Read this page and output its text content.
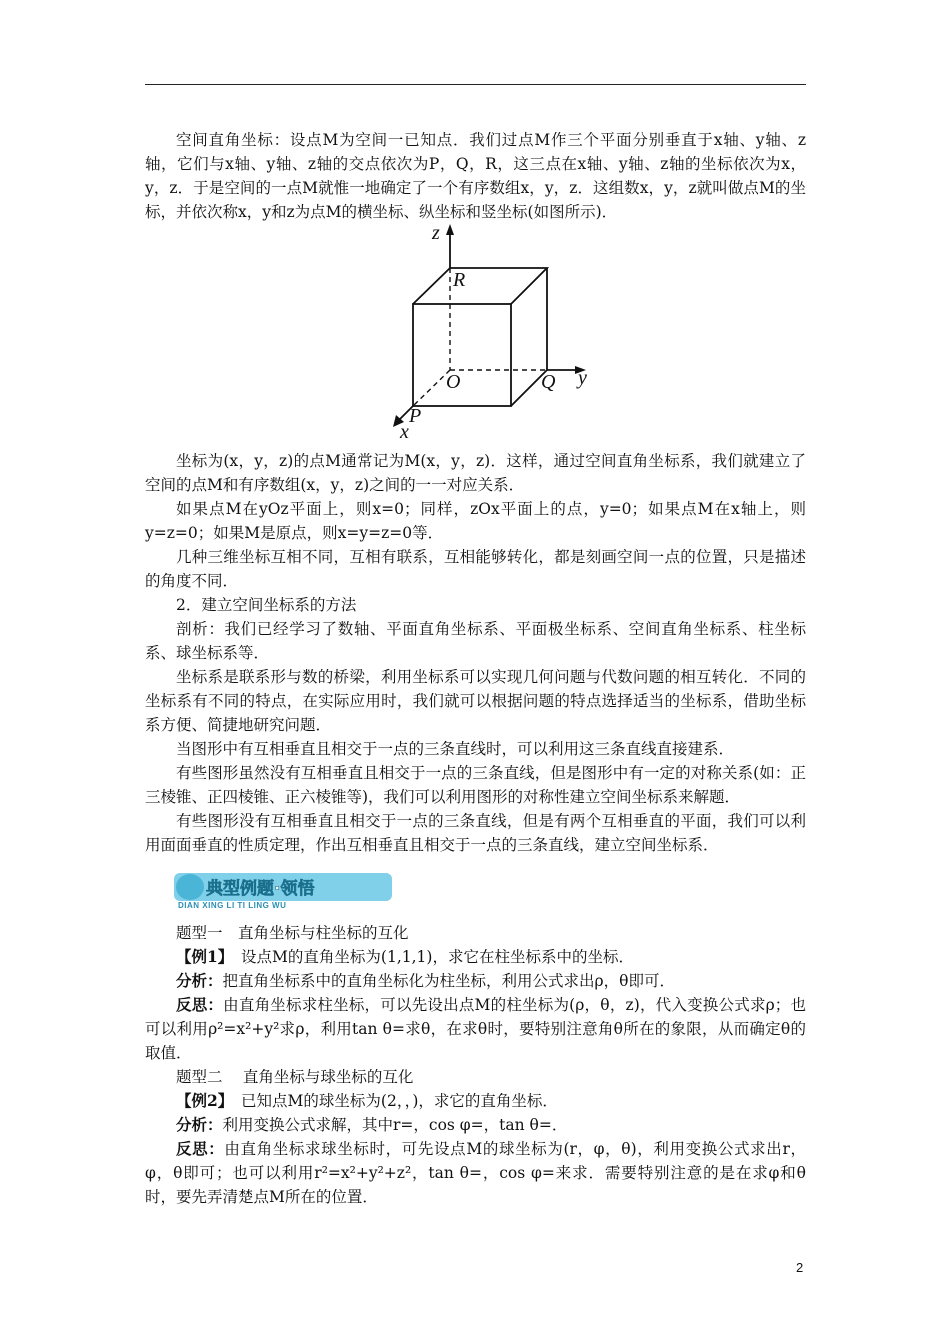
空间直角坐标：设点M为空间一已知点．我们过点M作三个平面分别垂直于x轴、y轴、z轴，它们与x轴、y轴、z轴的交点依次为P，Q，R，这三点在x轴、y轴、z轴的坐标依次为x，y，z．于是空间的一点M就惟一地确定了一个有序数组x，y，z．这组数x，y，z就叫做点M的坐标，并依次称x，y和z为点M的横坐标、纵坐标和竖坐标(如图所示)．

z
y
x
R
O	Q
P

坐标为(x，y，z)的点M通常记为M(x，y，z)．这样，通过空间直角坐标系，我们就建立了空间的点M和有序数组(x，y，z)之间的一一对应关系．

如果点M在yOz平面上，则x=0；同样，zOx平面上的点，y=0；如果点M在x轴上，则y=z=0；如果M是原点，则x=y=z=0等．

几种三维坐标互相不同，互相有联系，互相能够转化，都是刻画空间一点的位置，只是描述的角度不同．

2．建立空间坐标系的方法

剖析：我们已经学习了数轴、平面直角坐标系、平面极坐标系、空间直角坐标系、柱坐标系、球坐标系等．

坐标系是联系形与数的桥梁，利用坐标系可以实现几何问题与代数问题的相互转化．不同的坐标系有不同的特点，在实际应用时，我们就可以根据问题的特点选择适当的坐标系，借助坐标系方便、简捷地研究问题．

当图形中有互相垂直且相交于一点的三条直线时，可以利用这三条直线直接建系．

有些图形虽然没有互相垂直且相交于一点的三条直线，但是图形中有一定的对称关系(如：正三棱锥、正四棱锥、正六棱锥等)，我们可以利用图形的对称性建立空间坐标系来解题．

有些图形没有互相垂直且相交于一点的三条直线，但是有两个互相垂直的平面，我们可以利用面面垂直的性质定理，作出互相垂直且相交于一点的三条直线，建立空间坐标系．

典型例题·领悟
DIAN XING LI TI LING WU

题型一　直角坐标与柱坐标的互化

【例1】　设点M的直角坐标为(1,1,1)，求它在柱坐标系中的坐标．

分析：把直角坐标系中的直角坐标化为柱坐标，利用公式求出ρ，θ即可．

反思：由直角坐标求柱坐标，可以先设出点M的柱坐标为(ρ，θ，z)，代入变换公式求ρ；也可以利用ρ²=x²+y²求ρ，利用tan θ=求θ，在求θ时，要特别注意角θ所在的象限，从而确定θ的取值．

题型二　 直角坐标与球坐标的互化

【例2】　已知点M的球坐标为(2，，)，求它的直角坐标．

分析：利用变换公式求解，其中r=，cos φ=，tan θ=．

反思：由直角坐标求球坐标时，可先设点M的球坐标为(r，φ，θ)，利用变换公式求出r，φ，θ即可；也可以利用r²=x²+y²+z²，tan θ=，cos φ=来求．需要特别注意的是在求φ和θ时，要先弄清楚点M所在的位置．

2
